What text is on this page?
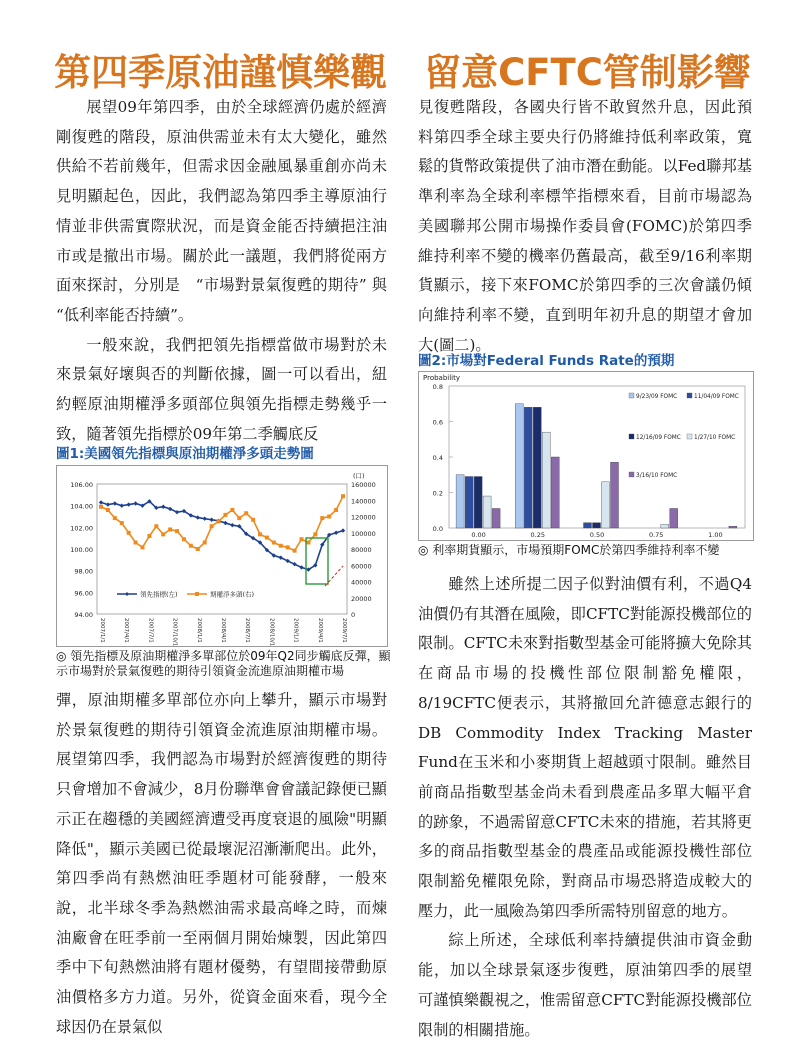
第四季原油謹慎樂觀　留意CFTC管制影響

展望09年第四季，由於全球經濟仍處於經濟剛復甦的階段，原油供需並未有太大變化，雖然供給不若前幾年，但需求因金融風暴重創亦尚未見明顯起色，因此，我們認為第四季主導原油行情並非供需實際狀況，而是資金能否持續挹注油市或是撤出市場。關於此一議題，我們將從兩方面來探討，分別是　“市場對景氣復甦的期待” 與 “低利率能否持續”。

一般來說，我們把領先指標當做市場對於未來景氣好壞與否的判斷依據，圖一可以看出，紐約輕原油期權淨多頭部位與領先指標走勢幾乎一致，隨著領先指標於09年第二季觸底反

圖1:美國領先指標與原油期權淨多頭走勢圖
106.00
104.00
102.00
100.00
98.00
96.00
94.00
160000
140000
120000
100000
80000
60000
40000
20000
0
(口)
2007/1/1	2007/4/1	2007/7/1	2007/10/1	2008/1/1	2008/4/1	2008/7/1	2008/10/1	2009/1/1	2009/4/1	2009/7/1
領先指標(左)	期權淨多頭(右)
◎ 領先指標及原油期權淨多單部位於09年Q2同步觸底反彈，顯示市場對於景氣復甦的期待引領資金流進原油期權市場

彈，原油期權多單部位亦向上攀升，顯示市場對於景氣復甦的期待引領資金流進原油期權市場。展望第四季，我們認為市場對於經濟復甦的期待只會增加不會減少，8月份聯準會會議記錄便已顯示正在趨穩的美國經濟遭受再度衰退的風險"明顯降低"，顯示美國已從最壞泥沼漸漸爬出。此外，第四季尚有熱燃油旺季題材可能發酵，一般來說，北半球冬季為熱燃油需求最高峰之時，而煉油廠會在旺季前一至兩個月開始煉製，因此第四季中下旬熱燃油將有題材優勢，有望間接帶動原油價格多方力道。另外，從資金面來看，現今全球因仍在景氣似

見復甦階段，各國央行皆不敢貿然升息，因此預料第四季全球主要央行仍將維持低利率政策，寬鬆的貨幣政策提供了油市潛在動能。以Fed聯邦基準利率為全球利率標竿指標來看，目前市場認為美國聯邦公開市場操作委員會(FOMC)於第四季維持利率不變的機率仍舊最高，截至9/16利率期貨顯示，接下來FOMC於第四季的三次會議仍傾向維持利率不變，直到明年初升息的期望才會加大(圖二)。

圖2:市場對Federal Funds Rate的預期
Probability
0.8
0.6
0.4
0.2
0.0
0.00	0.25	0.50	0.75	1.00
9/23/09 FOMC	11/04/09 FOMC
12/16/09 FOMC 1/27/10 FOMC
3/16/10 FOMC
◎ 利率期貨顯示，市場預期FOMC於第四季維持利率不變

雖然上述所提二因子似對油價有利，不過Q4油價仍有其潛在風險，即CFTC對能源投機部位的限制。CFTC未來對指數型基金可能將擴大免除其在商品市場的投機性部位限制豁免權限，8/19CFTC便表示，其將撤回允許德意志銀行的DB Commodity Index Tracking Master Fund在玉米和小麥期貨上超越頭寸限制。雖然目前商品指數型基金尚未看到農產品多單大幅平倉的跡象，不過需留意CFTC未來的措施，若其將更多的商品指數型基金的農產品或能源投機性部位限制豁免權限免除，對商品市場恐將造成較大的壓力，此一風險為第四季所需特別留意的地方。

綜上所述，全球低利率持續提供油市資金動能，加以全球景氣逐步復甦，原油第四季的展望可謹慎樂觀視之，惟需留意CFTC對能源投機部位限制的相關措施。
